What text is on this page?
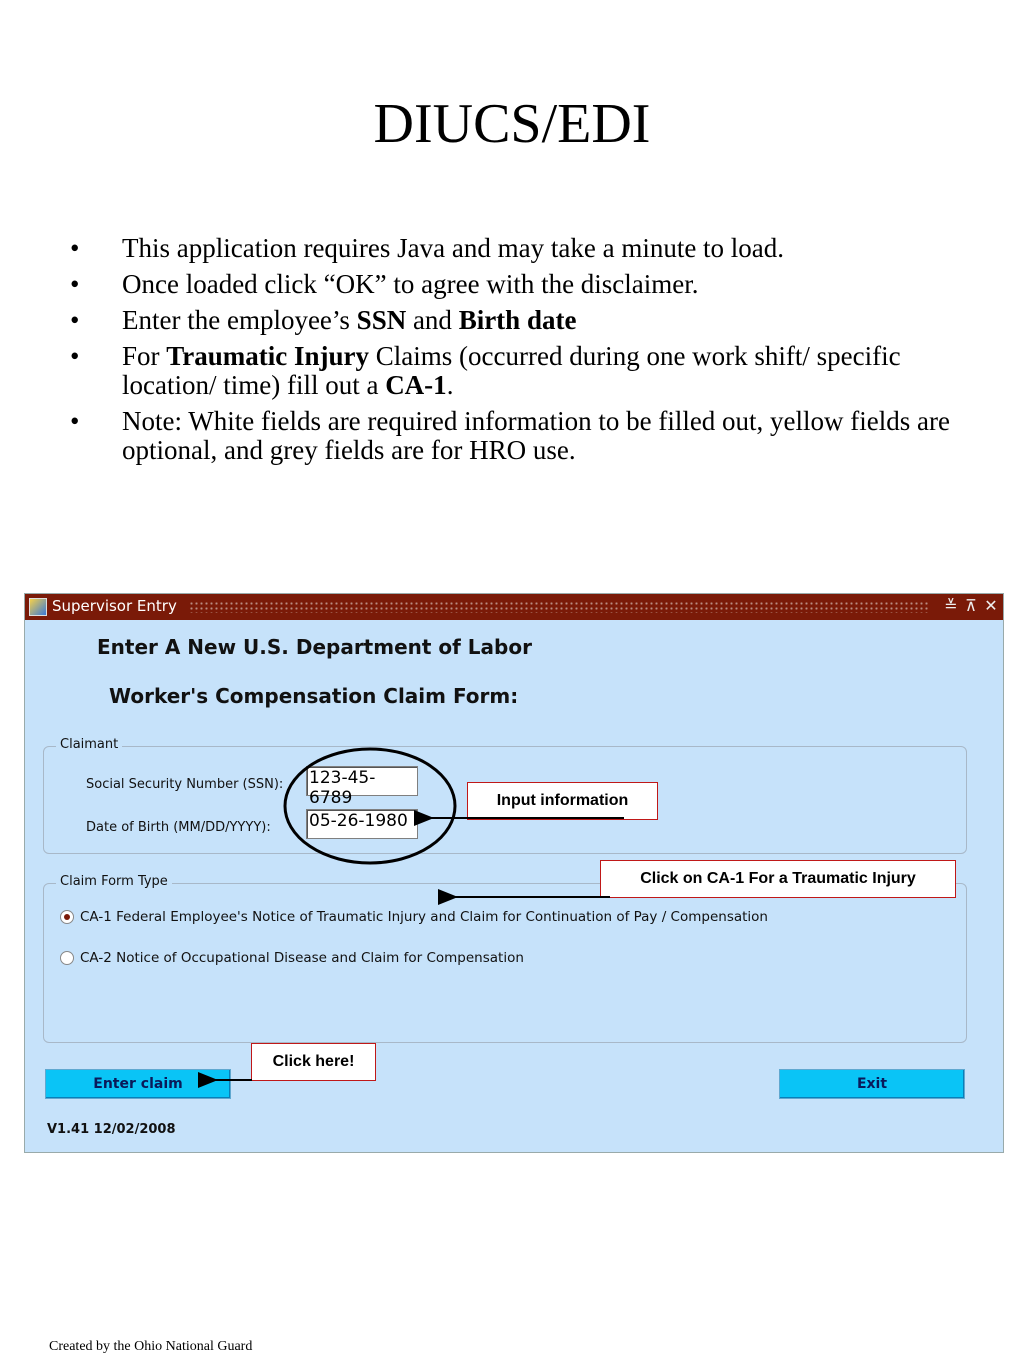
DIUCS/EDI
• This application requires Java and may take a minute to load.
• Once loaded click “OK” to agree with the disclaimer.
• Enter the employee’s SSN and Birth date
• For Traumatic Injury Claims (occurred during one work shift/ specific location/ time) fill out a CA-1.
• Note: White fields are required information to be filled out, yellow fields are optional, and grey fields are for HRO use.
Supervisor Entry	≚ ⊼ ✕
Enter A New U.S. Department of Labor
Worker's Compensation Claim Form:
Claimant
Social Security Number (SSN): 123-45-6789
Date of Birth (MM/DD/YYYY): 05-26-1980
Claim Form Type
CA-1 Federal Employee's Notice of Traumatic Injury and Claim for Continuation of Pay / Compensation
CA-2 Notice of Occupational Disease and Claim for Compensation
Enter claim	Exit
V1.41 12/02/2008
Input information
Click on CA-1 For a Traumatic Injury
Click here!
Created by the Ohio National Guard
